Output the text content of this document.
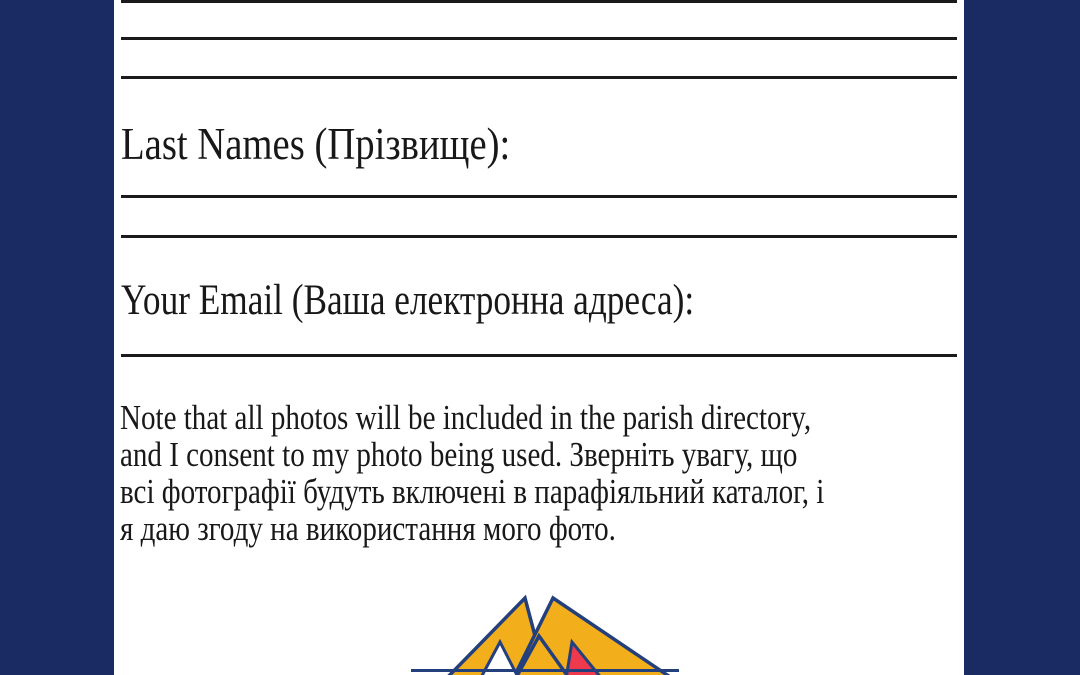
Last Names (Прізвище):
Your Email (Ваша електронна адреса):
Note that all photos will be included in the parish directory,
and I consent to my photo being used. Зверніть увагу, що
всі фотографії будуть включені в парафіяльний каталог, і
я даю згоду на використання мого фото.
